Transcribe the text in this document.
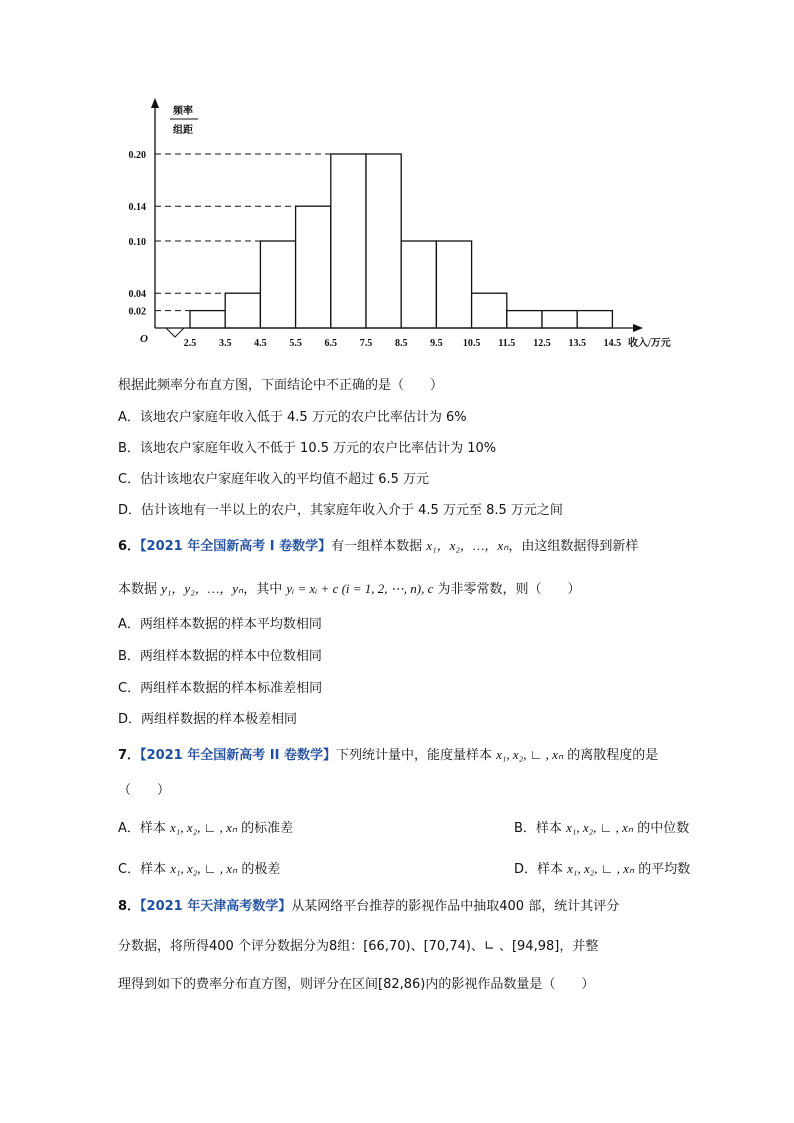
频率
组距
收入/万元
O
0.02
0.04
0.10
0.14
0.20
2.5 3.5 4.5 5.5 6.5 7.5 8.5 9.5 10.5 11.5 12.5 13.5 14.5
根据此频率分布直方图，下面结论中不正确的是（　　）
A．该地农户家庭年收入低于 4.5 万元的农户比率估计为 6%
B．该地农户家庭年收入不低于 10.5 万元的农户比率估计为 10%
C．估计该地农户家庭年收入的平均值不超过 6.5 万元
D．估计该地有一半以上的农户，其家庭年收入介于 4.5 万元至 8.5 万元之间
6．【2021 年全国新高考 I 卷数学】有一组样本数据 x₁，x₂，…，xₙ，由这组数据得到新样
本数据 y₁，y₂，…，yₙ，其中 yᵢ = xᵢ + c (i = 1, 2, ⋯, n), c 为非零常数，则（　　）
A．两组样本数据的样本平均数相同
B．两组样本数据的样本中位数相同
C．两组样本数据的样本标准差相同
D．两组样数据的样本极差相同
7．【2021 年全国新高考 II 卷数学】下列统计量中，能度量样本 x₁, x₂, ∟ , xₙ 的离散程度的是
（　　）
A．样本 x₁, x₂, ∟ , xₙ 的标准差	B．样本 x₁, x₂, ∟ , xₙ 的中位数
C．样本 x₁, x₂, ∟ , xₙ 的极差	D．样本 x₁, x₂, ∟ , xₙ 的平均数
8．【2021 年天津高考数学】从某网络平台推荐的影视作品中抽取400 部，统计其评分
分数据，将所得400 个评分数据分为8组：[66,70)、[70,74)、∟ 、[94,98]，并整
理得到如下的费率分布直方图，则评分在区间[82,86)内的影视作品数量是（　　）
